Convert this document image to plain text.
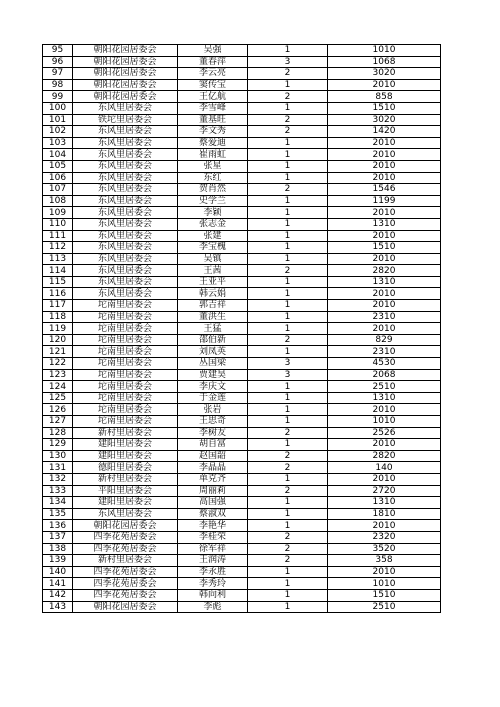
95	朝阳花园居委会	吴强	1	1010
96	朝阳花园居委会	董春萍	3	1068
97	朝阳花园居委会	李云亮	2	3020
98	朝阳花园居委会	窦传宝	1	2010
99	朝阳花园居委会	王亿航	2	858
100	东风里居委会	李雪峰	1	1510
101	铁坨里居委会	董基旺	2	3020
102	东风里居委会	李文秀	2	1420
103	东风里居委会	蔡爱迪	1	2010
104	东风里居委会	崔雨虹	1	2010
105	东风里居委会	张星	1	2010
106	东风里居委会	东红	1	2010
107	东风里居委会	贺肖然	2	1546
108	东风里居委会	史学兰	1	1199
109	东风里居委会	李颖	1	2010
110	东风里居委会	张志金	1	1310
111	东风里居委会	张建	1	2010
112	东风里居委会	李宝槐	1	1510
113	东风里居委会	吴镇	1	2010
114	东风里居委会	王茜	2	2820
115	东风里居委会	王亚平	1	1310
116	东风里居委会	韩云娟	1	2010
117	坨南里居委会	郭吉祥	1	2010
118	坨南里居委会	董洪生	1	2310
119	坨南里居委会	王猛	1	2010
120	坨南里居委会	邵伯新	2	829
121	坨南里居委会	刘凤英	1	2310
122	坨南里居委会	丛国梁	3	4530
123	坨南里居委会	贾建昊	3	2068
124	坨南里居委会	李庆文	1	2510
125	坨南里居委会	于金莲	1	1310
126	坨南里居委会	张岩	1	2010
127	坨南里居委会	王思奇	1	1010
128	新村里居委会	李树友	2	2526
129	建阳里居委会	胡自富	1	2010
130	建阳里居委会	赵国韶	2	2820
131	德阳里居委会	李晶晶	2	140
132	新村里居委会	单克齐	1	2010
133	平阳里居委会	周丽莉	2	2720
134	建阳里居委会	高国强	1	1310
135	东风里居委会	蔡淑双	1	1810
136	朝阳花园居委会	李艳华	1	2010
137	四季花苑居委会	李桂荣	2	2320
138	四季花苑居委会	徐军祥	2	3520
139	新村里居委会	王润涛	2	358
140	四季花苑居委会	李永胜	1	2010
141	四季花苑居委会	李秀玲	1	1010
142	四季花苑居委会	韩向利	1	1510
143	朝阳花园居委会	李彪	1	2510
